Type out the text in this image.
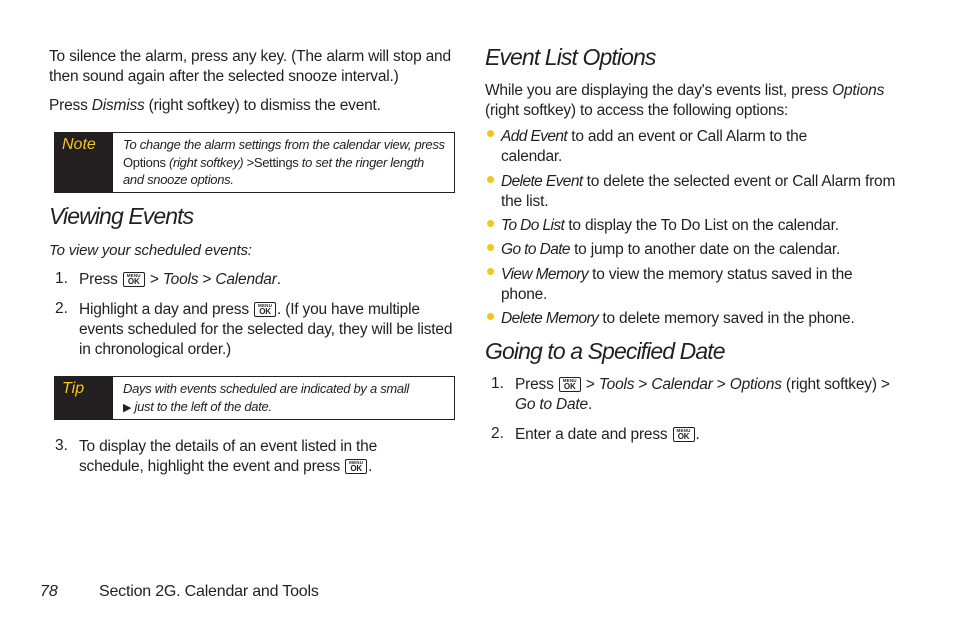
To silence the alarm, press any key. (The alarm will stop and then sound again after the selected snooze interval.)

Press Dismiss (right softkey) to dismiss the event.

Note	To change the alarm settings from the calendar view, press Options (right softkey) >Settings to set the ringer length and snooze options.
Viewing Events

To view your scheduled events:

1. Press MENU OK > Tools > Calendar.

2. Highlight a day and press MENU OK. (If you have multiple events scheduled for the selected day, they will be listed in chronological order.)

Tip	Days with events scheduled are indicated by a small
▶ just to the left of the date.
3. To display the details of an event listed in the schedule, highlight the event and press MENU OK.

Event List Options

While you are displaying the day's events list, press Options (right softkey) to access the following options:

Add Event to add an event or Call Alarm to the calendar.

Delete Event to delete the selected event or Call Alarm from the list.

To Do List to display the To Do List on the calendar.

Go to Date to jump to another date on the calendar.

View Memory to view the memory status saved in the phone.

Delete Memory to delete memory saved in the phone.

Going to a Specified Date
1. Press MENU OK > Tools > Calendar > Options (right softkey) > Go to Date.

2. Enter a date and press MENU OK.

78	Section 2G. Calendar and Tools
